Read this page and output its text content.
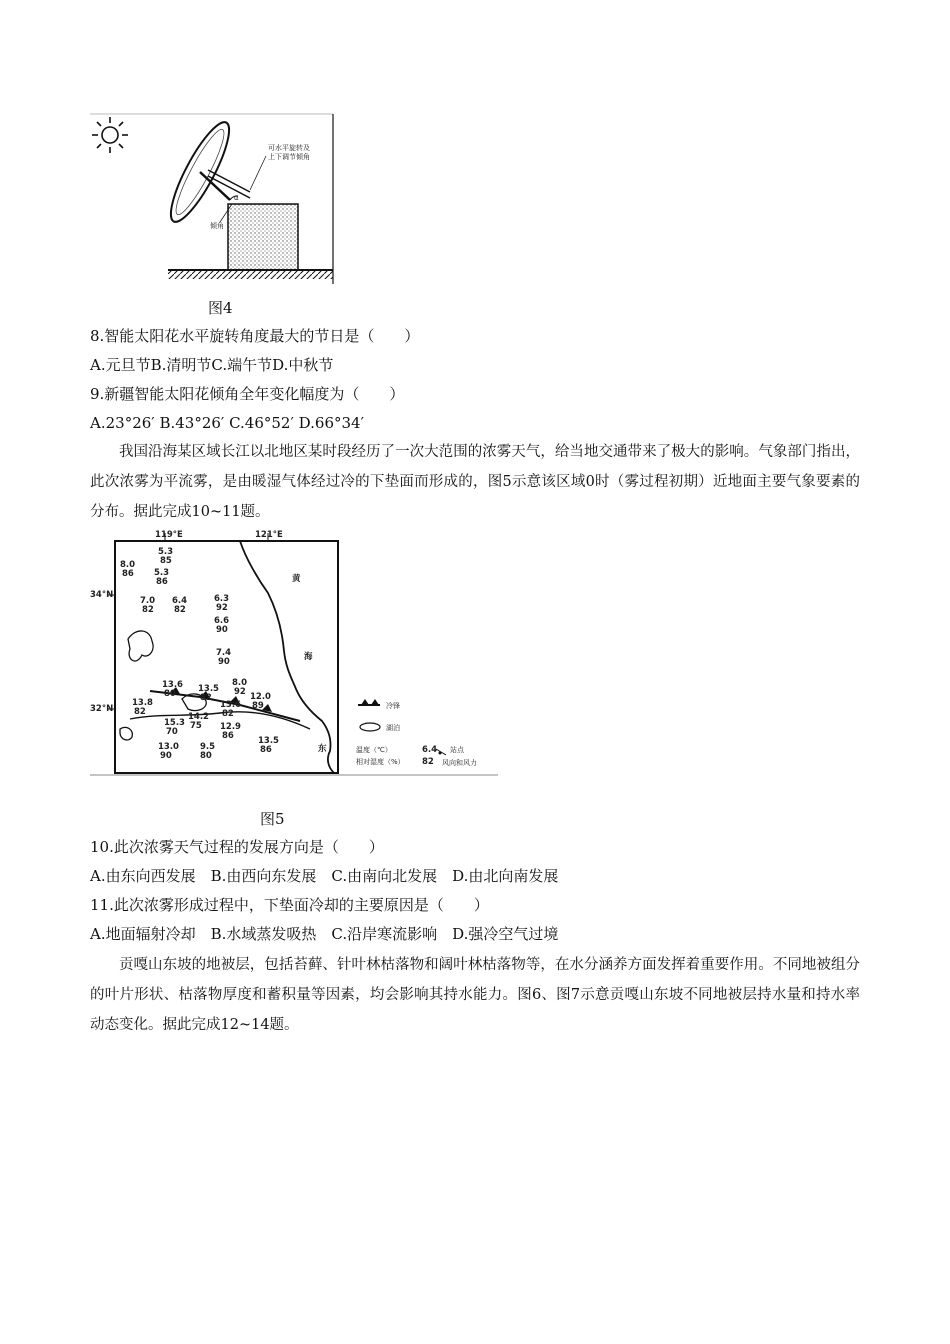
α
可水平旋转及
上下调节倾角
倾角
图4
8.智能太阳花水平旋转角度最大的节日是（　　）
A.元旦节B.清明节C.端午节D.中秋节
9.新疆智能太阳花倾角全年变化幅度为（　　）
A.23°26′ B.43°26′ C.46°52′ D.66°34′
我国沿海某区域长江以北地区某时段经历了一次大范围的浓雾天气，给当地交通带来了极大的影响。气象部门指出，此次浓雾为平流雾，是由暖湿气体经过冷的下垫面而形成的，图5示意该区域0时（雾过程初期）近地面主要气象要素的分布。据此完成10~11题。
119°E	121°E
34°N
32°N
黄
海
东
5.3
85
8.0
86 5.3
86
7.0
82
6.4
82
6.3
92
6.6
90
7.4
90
13.6
80	13.5
82
8.0
92 12.0
89
13.8
82
13.6
82
15.3
70
14.2
75 12.9
86
13.0
90
9.5
80
13.5
86
冷锋
湖泊
温度（℃）
相对湿度（%）
6.4
82
站点
风向和风力
图5
10.此次浓雾天气过程的发展方向是（　　）
A.由东向西发展　B.由西向东发展　C.由南向北发展　D.由北向南发展
11.此次浓雾形成过程中，下垫面冷却的主要原因是（　　）
A.地面辐射冷却　B.水域蒸发吸热　C.沿岸寒流影响　D.强冷空气过境
贡嘎山东坡的地被层，包括苔藓、针叶林枯落物和阔叶林枯落物等，在水分涵养方面发挥着重要作用。不同地被组分的叶片形状、枯落物厚度和蓄积量等因素，均会影响其持水能力。图6、图7示意贡嘎山东坡不同地被层持水量和持水率动态变化。据此完成12~14题。
